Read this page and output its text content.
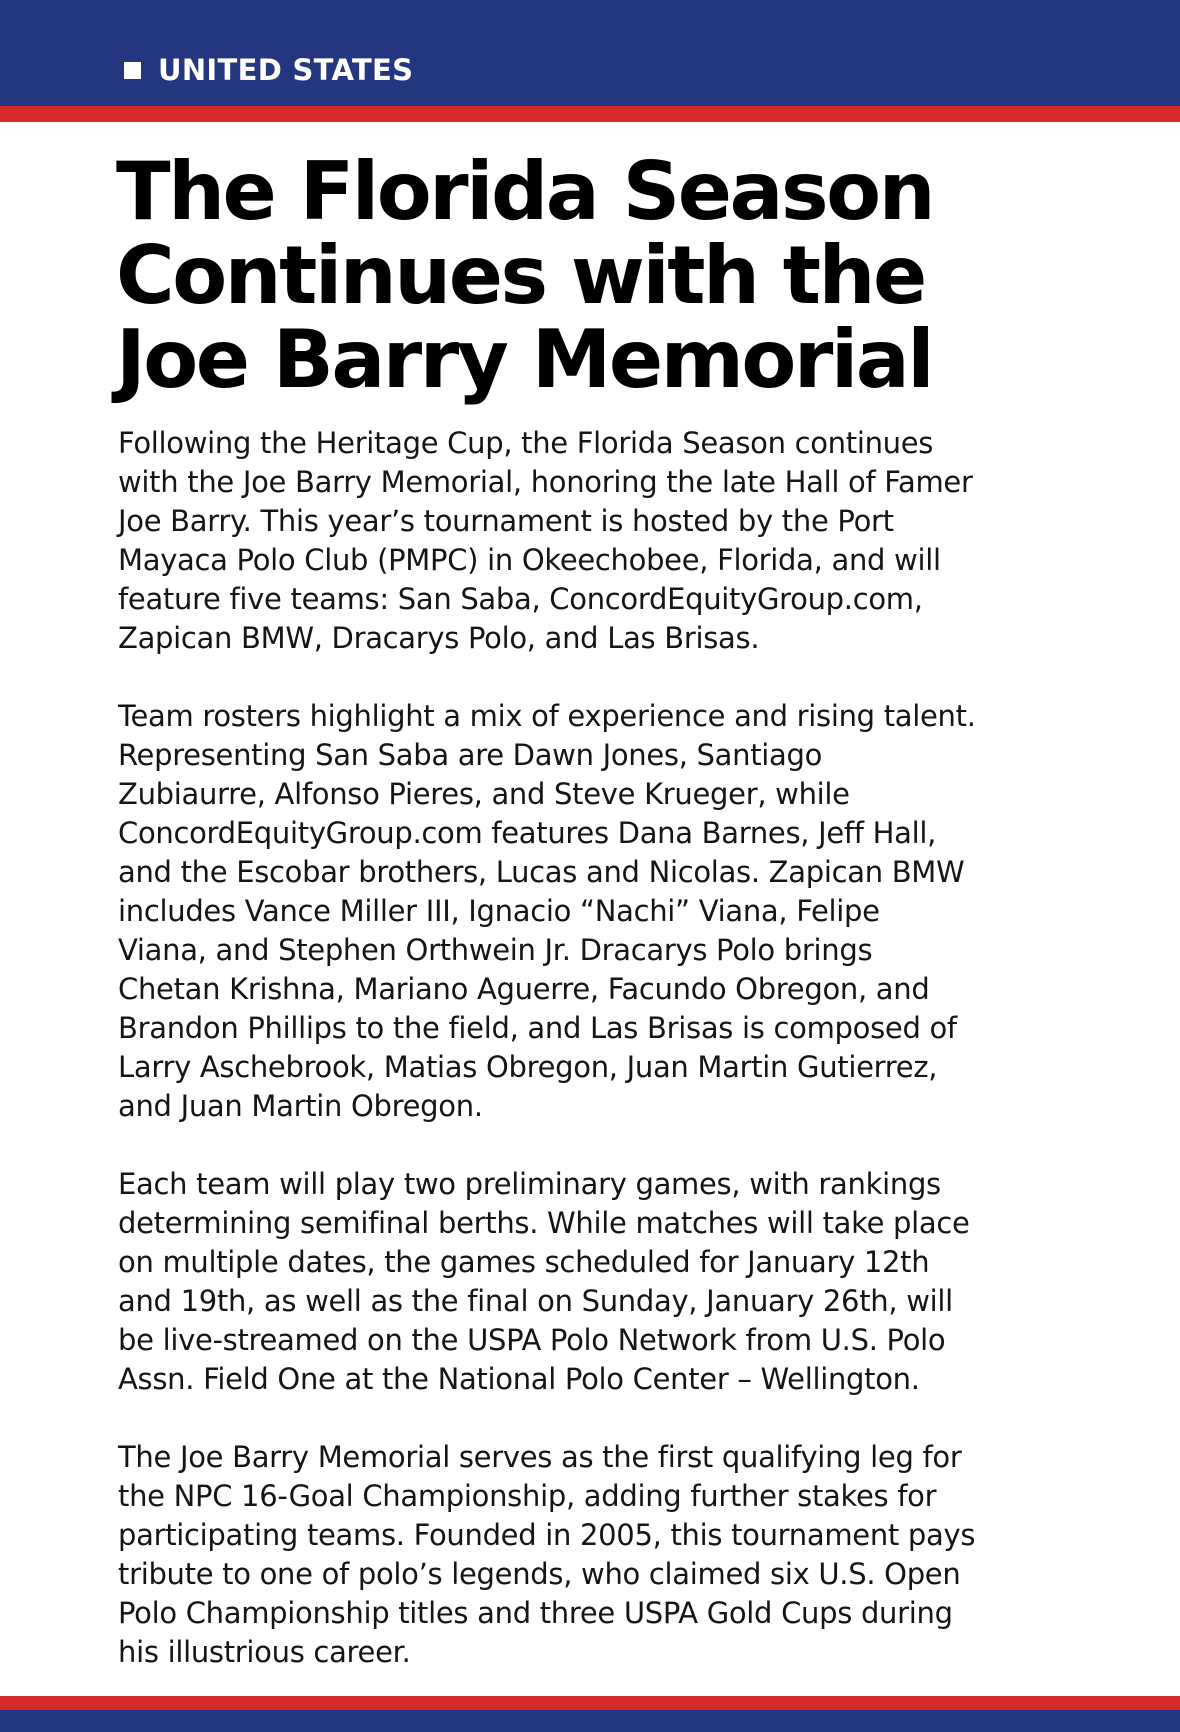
UNITED STATES
The Florida Season
Continues with the
Joe Barry Memorial

Following the Heritage Cup, the Florida Season continues
with the Joe Barry Memorial, honoring the late Hall of Famer
Joe Barry. This year’s tournament is hosted by the Port
Mayaca Polo Club (PMPC) in Okeechobee, Florida, and will
feature five teams: San Saba, ConcordEquityGroup.com,
Zapican BMW, Dracarys Polo, and Las Brisas.

Team rosters highlight a mix of experience and rising talent.
Representing San Saba are Dawn Jones, Santiago
Zubiaurre, Alfonso Pieres, and Steve Krueger, while
ConcordEquityGroup.com features Dana Barnes, Jeff Hall,
and the Escobar brothers, Lucas and Nicolas. Zapican BMW
includes Vance Miller III, Ignacio “Nachi” Viana, Felipe
Viana, and Stephen Orthwein Jr. Dracarys Polo brings
Chetan Krishna, Mariano Aguerre, Facundo Obregon, and
Brandon Phillips to the field, and Las Brisas is composed of
Larry Aschebrook, Matias Obregon, Juan Martin Gutierrez,
and Juan Martin Obregon.

Each team will play two preliminary games, with rankings
determining semifinal berths. While matches will take place
on multiple dates, the games scheduled for January 12th
and 19th, as well as the final on Sunday, January 26th, will
be live-streamed on the USPA Polo Network from U.S. Polo
Assn. Field One at the National Polo Center – Wellington.

The Joe Barry Memorial serves as the first qualifying leg for
the NPC 16-Goal Championship, adding further stakes for
participating teams. Founded in 2005, this tournament pays
tribute to one of polo’s legends, who claimed six U.S. Open
Polo Championship titles and three USPA Gold Cups during
his illustrious career.
